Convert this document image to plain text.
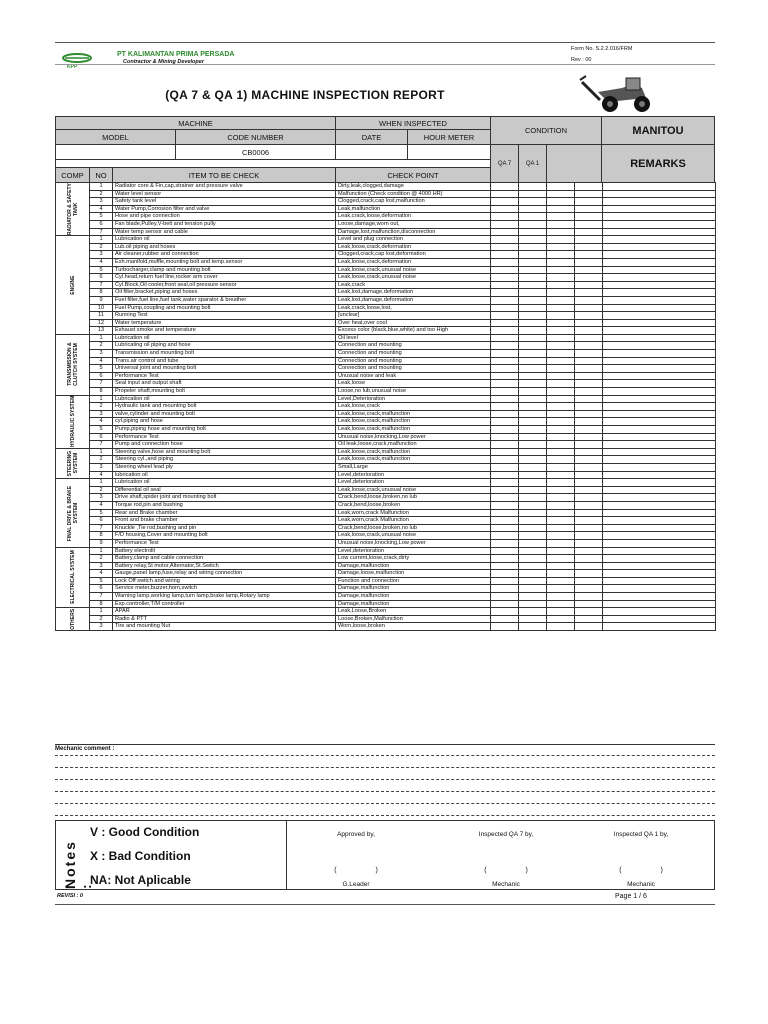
KPP
PT KALIMANTAN PRIMA PERSADA
Contractor & Mining Developer
Form No. S.2.2.016/FRM
Rev : 00
(QA 7 & QA 1) MACHINE INSPECTION REPORT
MACHINE	WHEN INSPECTED
CONDITION	MANITOU
MODEL	CODE NUMBER	DATE	HOUR METER
CB0006
QA 7	QA 1	REMARKS
COMP	NO	ITEM TO BE CHECK	CHECK POINT
RADIATOR & SAFETY TANK	1	Radiator core & Fin,cap,strainer and pressure valve	Dirty,leak,clogged,damage					
	2	Water level sensor	Malfunction (Check condition @ 4000 HR)					
	3	Safety tank level	Clogged,crack,cap lost,malfunction					
	4	Water Pump,Corrosion filter and valve	Leak,malfunction					
	5	Hose and pipe connection	Leak,crack,loose,deformation					
	6	Fan blade,Pulley,V-belt and tension pully	Loose,damage,worn out,					
	7	Water temp sensor and cable	Damage,lost,malfunction,disconnection					
ENGINE	1	Lubrication oil	Level and plug connection					
	2	Lub.oil piping and hoses	Leak,loose,crack,deformation					
	3	Air cleaner,rubber and connection	Clogged,crack,cap lost,deformation					
	4	Exh.manifold,muffle,mounting bolt and temp.sensor	Leak,loose,crack,deformation					
	5	Turbocharger,clamp and mounting bolt	Leak,loose,crack,unusual noise					
	6	Cyl.head,return fuel line,rocker arm cover	Leak,loose,crack,unusual noise					
	7	Cyl.Block,Oil cooler,front seal,oil pressure sensor	Leak,crack					
	8	Oil filter,bracket,piping and hoses	Leak,lost,damage,deformation					
	9	Fuel filter,fuel line,fuel tank,water sparator & breather	Leak,lost,damage,deformation					
	10	Fuel Pump,coupling and mounting bolt	Leak,crack,loose,lost,					
	11	Running Test	[unclear]					
	12	Water temperature	Over heat,over cool					
	13	Exhaust smoke and temperature	Excess color (black,blue,white) and too High					
TRANSMISSION & CLUTCH SYSTEM	1	Lubrication oil	Oil level					
	2	Lubricating oil piping and hose	Connection and mounting					
	3	Transmission and mounting bolt	Connection and mounting					
	4	Trans.air control and tube	Connection and mounting					
	5	Universal joint and mounting bolt	Connection and mounting					
	6	Performance Test	Unusual noise and leak					
	7	Seal input and output shaft	Leak,loose					
	8	Propeler shaft,mounting bolt	Loose,no lub,unusual noise					
HYDRAULIC SYSTEM	1	Lubrication oil	Level,Deterioration					
	2	Hydraulic tank and mounting bolt	Leak,loose,crack					
	3	valve,cylinder and mounting bolt	Leak,loose,crack,malfunction					
	4	cyl.piping and hose	Leak,loose,crack,malfunction					
	5	Pump,piping hose and mounting bolt	Leak,loose,crack,malfunction					
	6	Performance Test	Unusual noise,knocking,Low power					
	7	Pump and connection hose	Oil leak,loose,crack,malfunction					
STEERING SYSTEM	1	Steering valve,hose and mounting bolt	Leak,loose,crack,malfunction					
	2	Steering cyl.,and piping	Leak,loose,crack,malfunction					
	3	Steering wheel lead ply	Small,Large					
	4	lubrication oil	Level,deterioration					
FINAL DRIVE & BRAKE SYSTEM	1	Lubrication oil	Level,deterioration					
	2	Differential oil seal	Leak,loose,crack,unusual noise					
	3	Drive shaft,spider joint and mounting bolt	Crack,bend,loose,broken,no lub					
	4	Torque rod,pin and bushing	Crack,bend,loose,broken					
	5	Rear and Brake chamber	Leak,worn,crack Malfunction					
	6	Front and brake chamber	Leak,worn,crack Malfunction					
	7	Knuckle ,Tie rod,bushing and pin	Crack,bend,loose,broken,no lub					
	8	F/D housing,Cover and mounting bolt	Leak,loose,crack,unusual noise					
	9	Performance Test	Unusual noise,knocking,Low power					
ELECTRICAL SYSTEM	1	Battery electrolit	Level,deterioration					
	2	Battery,clamp and cable connection	Low current,loose,crack,dirty					
	3	Battery relay,St motor,Alternator,St.Switch	Damage,malfunction					
	4	Gauge,panel lamp,fuse,relay and wiring connection	Damage,loose,malfunction					
	5	Lock Off switch and wiring	Function and connection					
	6	Service meter,buzzer,horn,switch	Damage,malfunction					
	7	Warning lamp,working lamp,turn lamp,brake lamp,Rotary lamp	Damage,malfunction					
	8	Exp.controller,T/M controller	Damage,malfunction					
OTHERS	1	APAR	Leak,Loose,Broken					
	2	Radio & PTT	Loose,Broken,Malfunction					
	3	Tire and mounting Nut	Worn,loose,broken					
Mechanic comment :
Notes :
V : Good Condition
X : Bad Condition
NA: Not Aplicable
Approved by,
(                    )
G.Leader
Inspected QA 7 by,
(                    )
Mechanic
Inspected QA 1 by,
(                    )
Mechanic
REVISI : 0	Page 1 / 6
